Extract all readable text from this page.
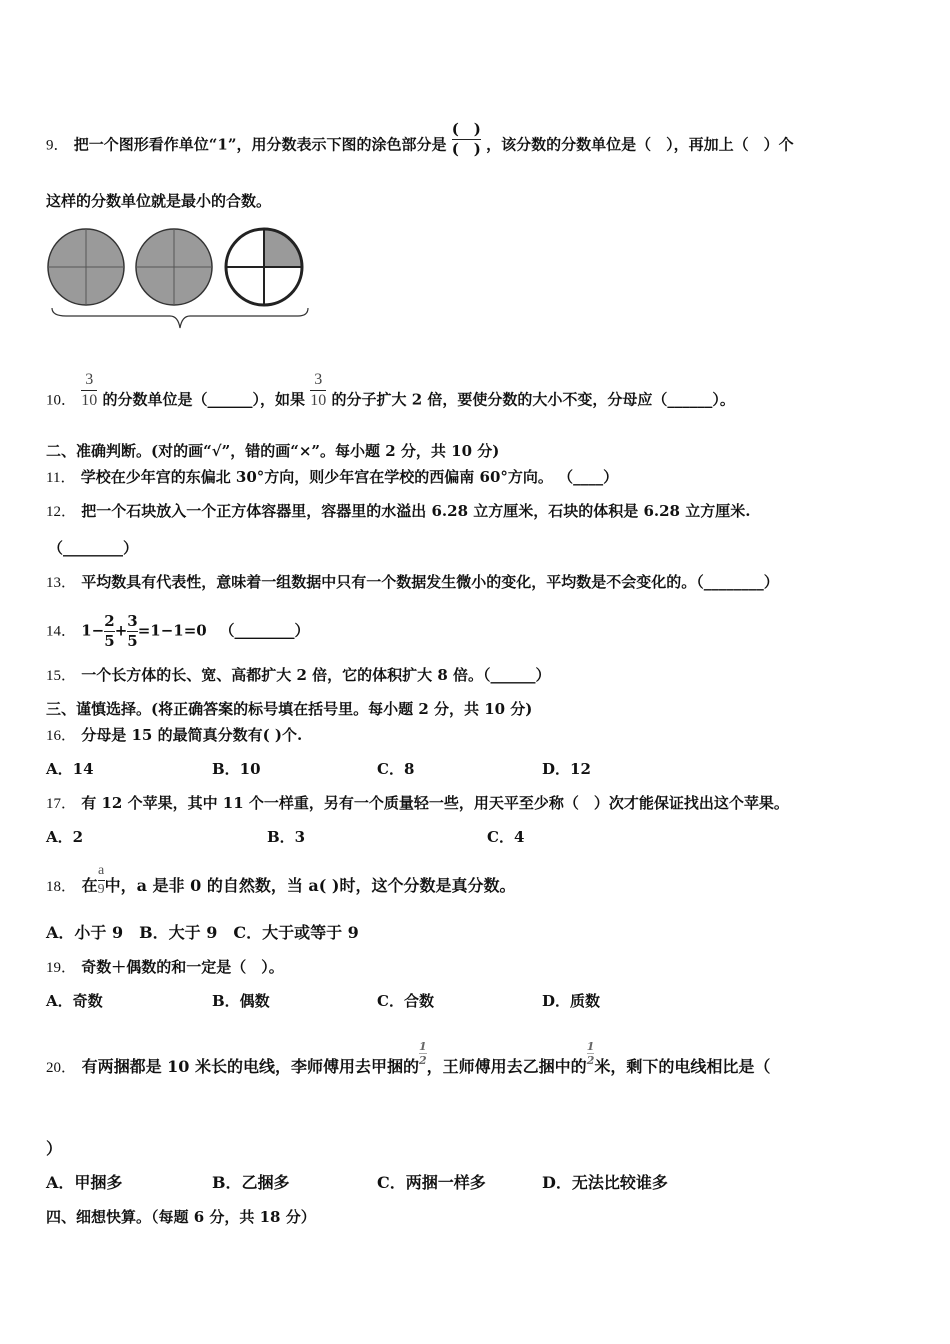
9． 把一个图形看作单位“1”，用分数表示下图的涂色部分是 $\frac{( )}{( )}$ ，该分数的分数单位是（　），再加上（　）个
这样的分数单位就是最小的合数。
10． $\frac{3}{10}$ 的分数单位是（______），如果 $\frac{3}{10}$ 的分子扩大 2 倍，要使分数的大小不变，分母应（______）。
二、准确判断。(对的画“√”，错的画“×”。每小题 2 分，共 10 分)
11． 学校在少年宫的东偏北 30°方向，则少年宫在学校的西偏南 60°方向。 （____）
12． 把一个石块放入一个正方体容器里，容器里的水溢出 6.28 立方厘米，石块的体积是 6.28 立方厘米.
（________）
13． 平均数具有代表性，意味着一组数据中只有一个数据发生微小的变化，平均数是不会变化的。（________）
14． $1- \frac{2}{5} + \frac{3}{5} =1-1=0$ 　（________）
15． 一个长方体的长、宽、高都扩大 2 倍，它的体积扩大 8 倍。（______）
三、谨慎选择。(将正确答案的标号填在括号里。每小题 2 分，共 10 分)
16． 分母是 15 的最简真分数有( )个.
A．14	B．10	C．8	D．12
17． 有 12 个苹果，其中 11 个一样重，另有一个质量轻一些，用天平至少称（　）次才能保证找出这个苹果。
A．2	B．3	C．4
18． 在 $\frac{a}{9}$ 中，a 是非 0 的自然数，当 a( )时，这个分数是真分数。
A．小于 9　B．大于 9　C．大于或等于 9
19． 奇数＋偶数的和一定是（　）。
A．奇数	B．偶数	C．合数	D．质数
20． 有两捆都是 10 米长的电线，李师傅用去甲捆的
$\frac{1}{2}$
，王师傅用去乙捆中的
$\frac{1}{2}$
米，剩下的电线相比是（
）
A．甲捆多	B．乙捆多	C．两捆一样多	D．无法比较谁多
四、细想快算。（每题 6 分，共 18 分）
